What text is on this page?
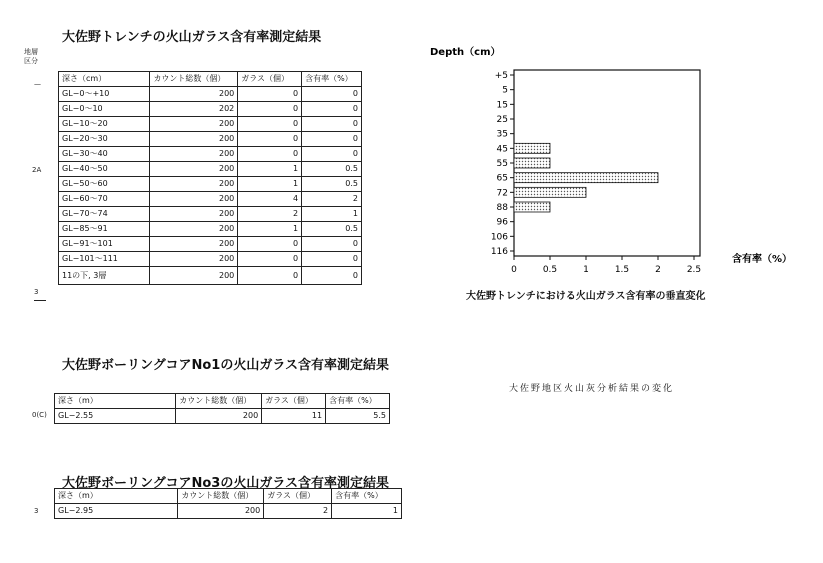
大佐野トレンチの火山ガラス含有率測定結果
地層
区分
—
2A
3
深さ（cm）	カウント総数（個）	ガラス（個）	含有率（%）
GL−0〜+10	200	0	0
GL−0〜10	202	0	0
GL−10〜20	200	0	0
GL−20〜30	200	0	0
GL−30〜40	200	0	0
GL−40〜50	200	1	0.5
GL−50〜60	200	1	0.5
GL−60〜70	200	4	2
GL−70〜74	200	2	1
GL−85〜91	200	1	0.5
GL−91〜101	200	0	0
GL−101〜111	200	0	0
11の下, 3層	200	0	0
Depth（cm）
+5
5
15
25
35
45
55
65
72
88
96
106
116
0	0.5	1	1.5	2	2.5
含有率（%）
大佐野トレンチにおける火山ガラス含有率の垂直変化
大佐野ボーリングコアNo1の火山ガラス含有率測定結果
0(C)
深さ（m）	カウント総数（個）	ガラス（個）	含有率（%）
GL−2.55	200	11	5.5
大佐野地区火山灰分析結果の変化
大佐野ボーリングコアNo3の火山ガラス含有率測定結果
3
深さ（m）	カウント総数（個）	ガラス（個）	含有率（%）
GL−2.95	200	2	1
